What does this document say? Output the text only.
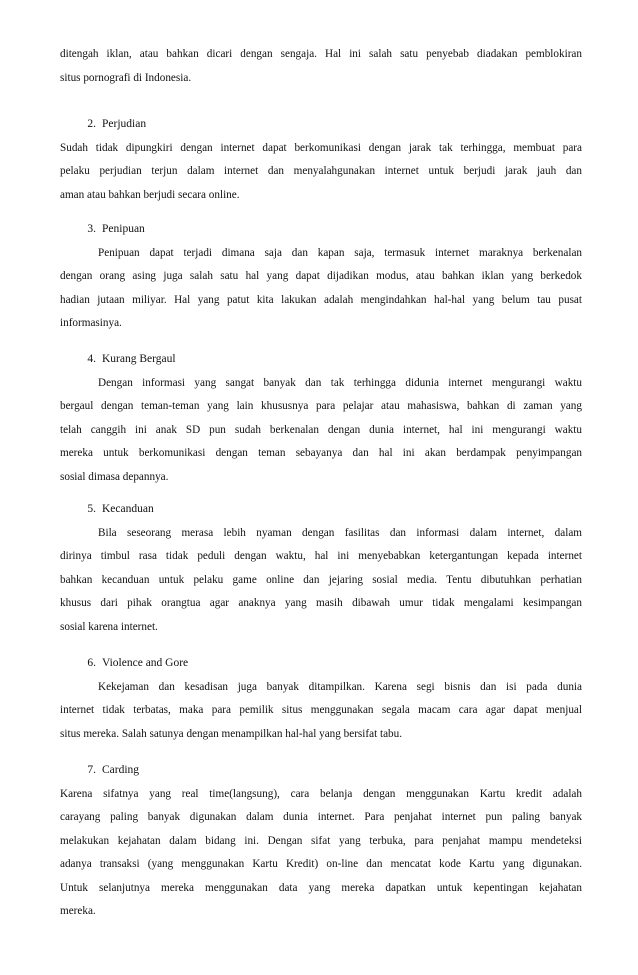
ditengah iklan, atau bahkan dicari dengan sengaja. Hal ini salah satu penyebab diadakan pemblokiran
situs pornografi di Indonesia.
2. Perjudian
Sudah tidak dipungkiri dengan internet dapat berkomunikasi dengan jarak tak terhingga, membuat para
pelaku perjudian terjun dalam internet dan menyalahgunakan internet untuk berjudi jarak jauh dan
aman atau bahkan berjudi secara online.
3. Penipuan
Penipuan dapat terjadi dimana saja dan kapan saja, termasuk internet maraknya berkenalan
dengan orang asing juga salah satu hal yang dapat dijadikan modus, atau bahkan iklan yang berkedok
hadian jutaan miliyar. Hal yang patut kita lakukan adalah mengindahkan hal-hal yang belum tau pusat
informasinya.
4. Kurang Bergaul
Dengan informasi yang sangat banyak dan tak terhingga didunia internet mengurangi waktu
bergaul dengan teman-teman yang lain khususnya para pelajar atau mahasiswa, bahkan di zaman yang
telah canggih ini anak SD pun sudah berkenalan dengan dunia internet, hal ini mengurangi waktu
mereka untuk berkomunikasi dengan teman sebayanya dan hal ini akan berdampak penyimpangan
sosial dimasa depannya.
5. Kecanduan
Bila seseorang merasa lebih nyaman dengan fasilitas dan informasi dalam internet, dalam
dirinya timbul rasa tidak peduli dengan waktu, hal ini menyebabkan ketergantungan kepada internet
bahkan kecanduan untuk pelaku game online dan jejaring sosial media. Tentu dibutuhkan perhatian
khusus dari pihak orangtua agar anaknya yang masih dibawah umur tidak mengalami kesimpangan
sosial karena internet.
6. Violence and Gore
Kekejaman dan kesadisan juga banyak ditampilkan. Karena segi bisnis dan isi pada dunia
internet tidak terbatas, maka para pemilik situs menggunakan segala macam cara agar dapat menjual
situs mereka. Salah satunya dengan menampilkan hal-hal yang bersifat tabu.
7. Carding
Karena sifatnya yang real time(langsung), cara belanja dengan menggunakan Kartu kredit adalah
carayang paling banyak digunakan dalam dunia internet. Para penjahat internet pun paling banyak
melakukan kejahatan dalam bidang ini. Dengan sifat yang terbuka, para penjahat mampu mendeteksi
adanya transaksi (yang menggunakan Kartu Kredit) on-line dan mencatat kode Kartu yang digunakan.
Untuk selanjutnya mereka menggunakan data yang mereka dapatkan untuk kepentingan kejahatan
mereka.
